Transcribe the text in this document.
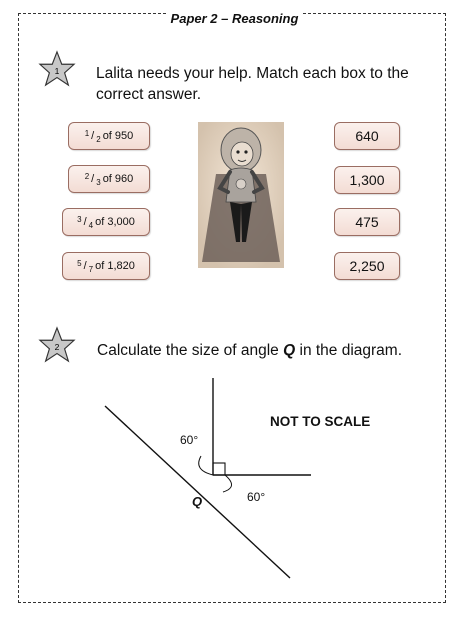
Paper 2 – Reasoning
1 Lalita needs your help. Match each box to the correct answer.
$^1$ / $_2$ of 950
$^2$ / $_3$ of 960
$^3$ / $_4$ of 3,000
$^5$ / $_7$ of 1,820
640
1,300
475
2,250
2 Calculate the size of angle Q in the diagram.
NOT TO SCALE
60°
60°
Q
